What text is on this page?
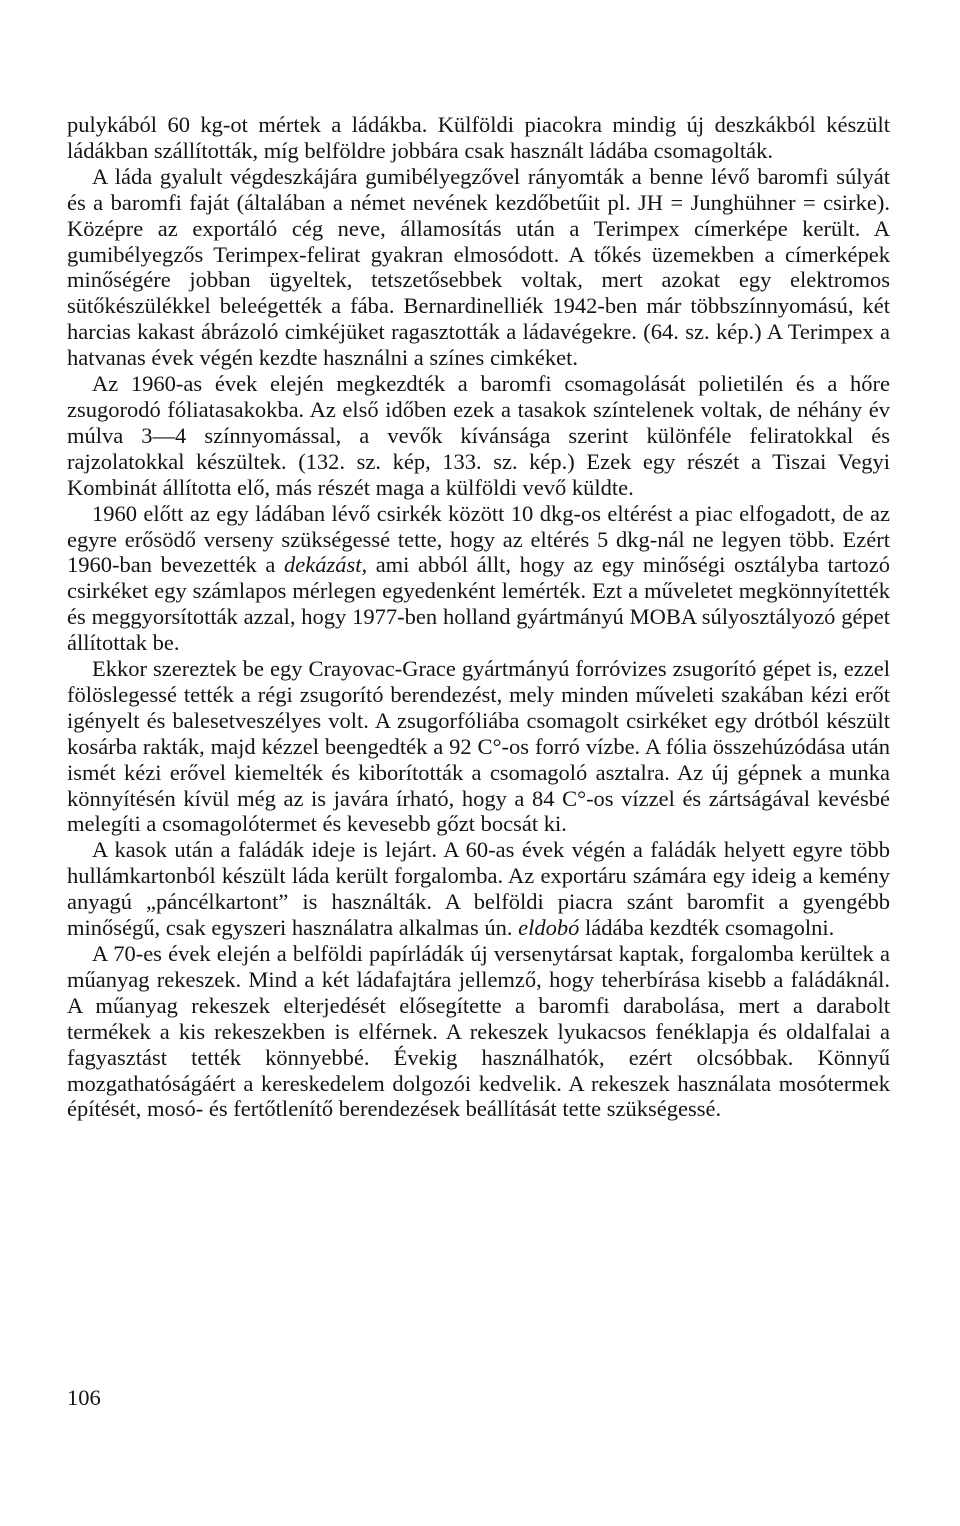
pulykából 60 kg-ot mértek a ládákba. Külföldi piacokra mindig új deszkákból készült ládákban szállították, míg belföldre jobbára csak használt ládába csomagolták.

A láda gyalult végdeszkájára gumibélyegzővel rányomták a benne lévő baromfi súlyát és a baromfi faját (általában a német nevének kezdőbetűit pl. JH = Junghühner = csirke). Középre az exportáló cég neve, államosítás után a Terimpex címerképe került. A gumibélyegzős Terimpex-felirat gyakran elmosódott. A tőkés üzemekben a címerképek minőségére jobban ügyeltek, tetszetősebbek voltak, mert azokat egy elektromos sütőkészülékkel beleégették a fába. Bernardinelliék 1942-ben már többszínnyomású, két harcias kakast ábrázoló cimkéjüket ragasztották a ládavégekre. (64. sz. kép.) A Terimpex a hatvanas évek végén kezdte használni a színes cimkéket.

Az 1960-as évek elején megkezdték a baromfi csomagolását polietilén és a hőre zsugorodó fóliatasakokba. Az első időben ezek a tasakok színtelenek voltak, de néhány év múlva 3—4 színnyomással, a vevők kívánsága szerint különféle feliratokkal és rajzolatokkal készültek. (132. sz. kép, 133. sz. kép.) Ezek egy részét a Tiszai Vegyi Kombinát állította elő, más részét maga a külföldi vevő küldte.

1960 előtt az egy ládában lévő csirkék között 10 dkg-os eltérést a piac elfogadott, de az egyre erősödő verseny szükségessé tette, hogy az eltérés 5 dkg-nál ne legyen több. Ezért 1960-ban bevezették a dekázást, ami abból állt, hogy az egy minőségi osztályba tartozó csirkéket egy számlapos mérlegen egyedenként lemérték. Ezt a műveletet megkönnyítették és meggyorsították azzal, hogy 1977-ben holland gyártmányú MOBA súlyosztályozó gépet állítottak be.

Ekkor szereztek be egy Crayovac-Grace gyártmányú forróvizes zsugorító gépet is, ezzel fölöslegessé tették a régi zsugorító berendezést, mely minden műveleti szakában kézi erőt igényelt és balesetveszélyes volt. A zsugorfóliába csomagolt csirkéket egy drótból készült kosárba rakták, majd kézzel beengedték a 92 C°-os forró vízbe. A fólia összehúzódása után ismét kézi erővel kiemelték és kiborították a csomagoló asztalra. Az új gépnek a munka könnyítésén kívül még az is javára írható, hogy a 84 C°-os vízzel és zártságával kevésbé melegíti a csomagolótermet és kevesebb gőzt bocsát ki.

A kasok után a faládák ideje is lejárt. A 60-as évek végén a faládák helyett egyre több hullámkartonból készült láda került forgalomba. Az exportáru számára egy ideig a kemény anyagú „páncélkartont” is használták. A belföldi piacra szánt baromfit a gyengébb minőségű, csak egyszeri használatra alkalmas ún. eldobó ládába kezdték csomagolni.

A 70-es évek elején a belföldi papírládák új versenytársat kaptak, forgalomba kerültek a műanyag rekeszek. Mind a két ládafajtára jellemző, hogy teherbírása kisebb a faládáknál. A műanyag rekeszek elterjedését elősegítette a baromfi darabolása, mert a darabolt termékek a kis rekeszekben is elférnek. A rekeszek lyukacsos fenéklapja és oldalfalai a fagyasztást tették könnyebbé. Évekig használhatók, ezért olcsóbbak. Könnyű mozgathatóságáért a kereskedelem dolgozói kedvelik. A rekeszek használata mosótermek építését, mosó- és fertőtlenítő berendezések beállítását tette szükségessé.

106
